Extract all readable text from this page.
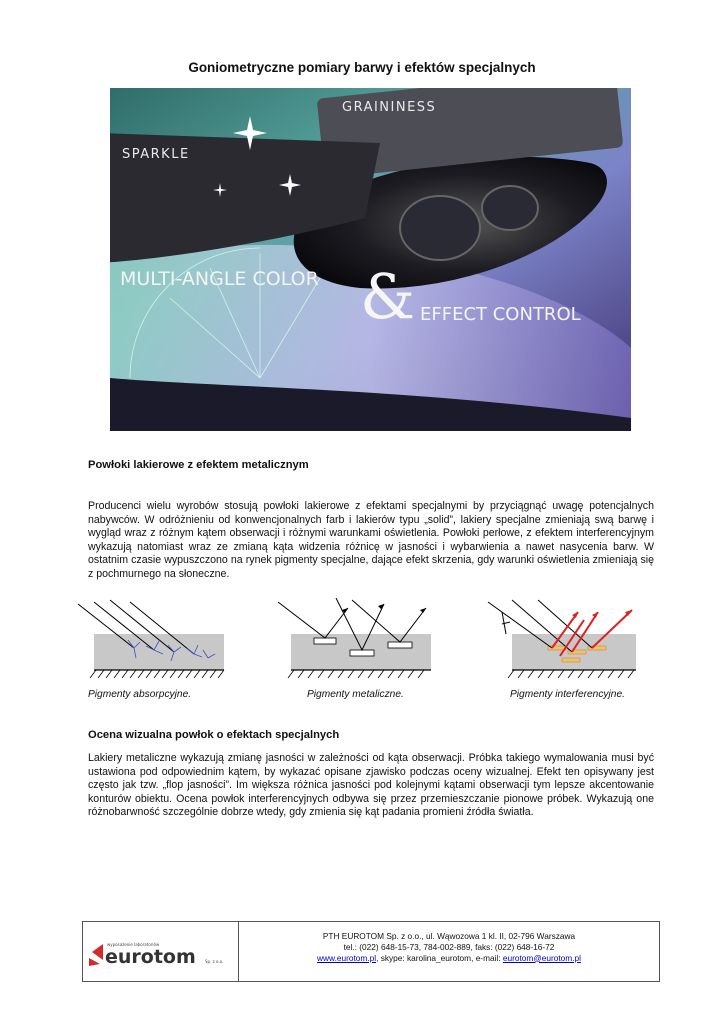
Goniometryczne pomiary barwy i efektów specjalnych
GRAININESS
SPARKLE
MULTI-ANGLE COLOR & EFFECT CONTROL
Powłoki lakierowe z efektem metalicznym
Producenci wielu wyrobów stosują powłoki lakierowe z efektami specjalnymi by przyciągnąć uwagę potencjalnych nabywców. W odróżnieniu od konwencjonalnych farb i lakierów typu „solid”, lakiery specjalne zmieniają swą barwę i wygląd wraz z różnym kątem obserwacji i różnymi warunkami oświetlenia. Powłoki perłowe, z efektem interferencyjnym wykazują natomiast wraz ze zmianą kąta widzenia różnicę w jasności i wybarwienia a nawet nasycenia barw. W ostatnim czasie wypuszczono na rynek pigmenty specjalne, dające efekt skrzenia, gdy warunki oświetlenia zmieniają się z pochmurnego na słoneczne.
Pigmenty absorpcyjne.	Pigmenty metaliczne.	Pigmenty interferencyjne.
Ocena wizualna powłok o efektach specjalnych
Lakiery metaliczne wykazują zmianę jasności w zależności od kąta obserwacji. Próbka takiego wymalowania musi być ustawiona pod odpowiednim kątem, by wykazać opisane zjawisko podczas oceny wizualnej. Efekt ten opisywany jest często jak tzw. „flop jasności”. Im większa różnica jasności pod kolejnymi kątami obserwacji tym lepsze akcentowanie konturów obiektu. Ocena powłok interferencyjnych odbywa się przez przemieszczanie pionowe próbek. Wykazują one różnobarwność szczególnie dobrze wtedy, gdy zmienia się kąt padania promieni źródła światła.
wyposażenie laboratoriów
eurotom Sp. z o.o.
PTH EUROTOM Sp. z o.o., ul. Wąwozowa 1 kl. II, 02-796 Warszawa
tel.: (022) 648-15-73, 784-002-889, faks: (022) 648-16-72
www.eurotom.pl, skype: karolina_eurotom, e-mail: eurotom@eurotom.pl
